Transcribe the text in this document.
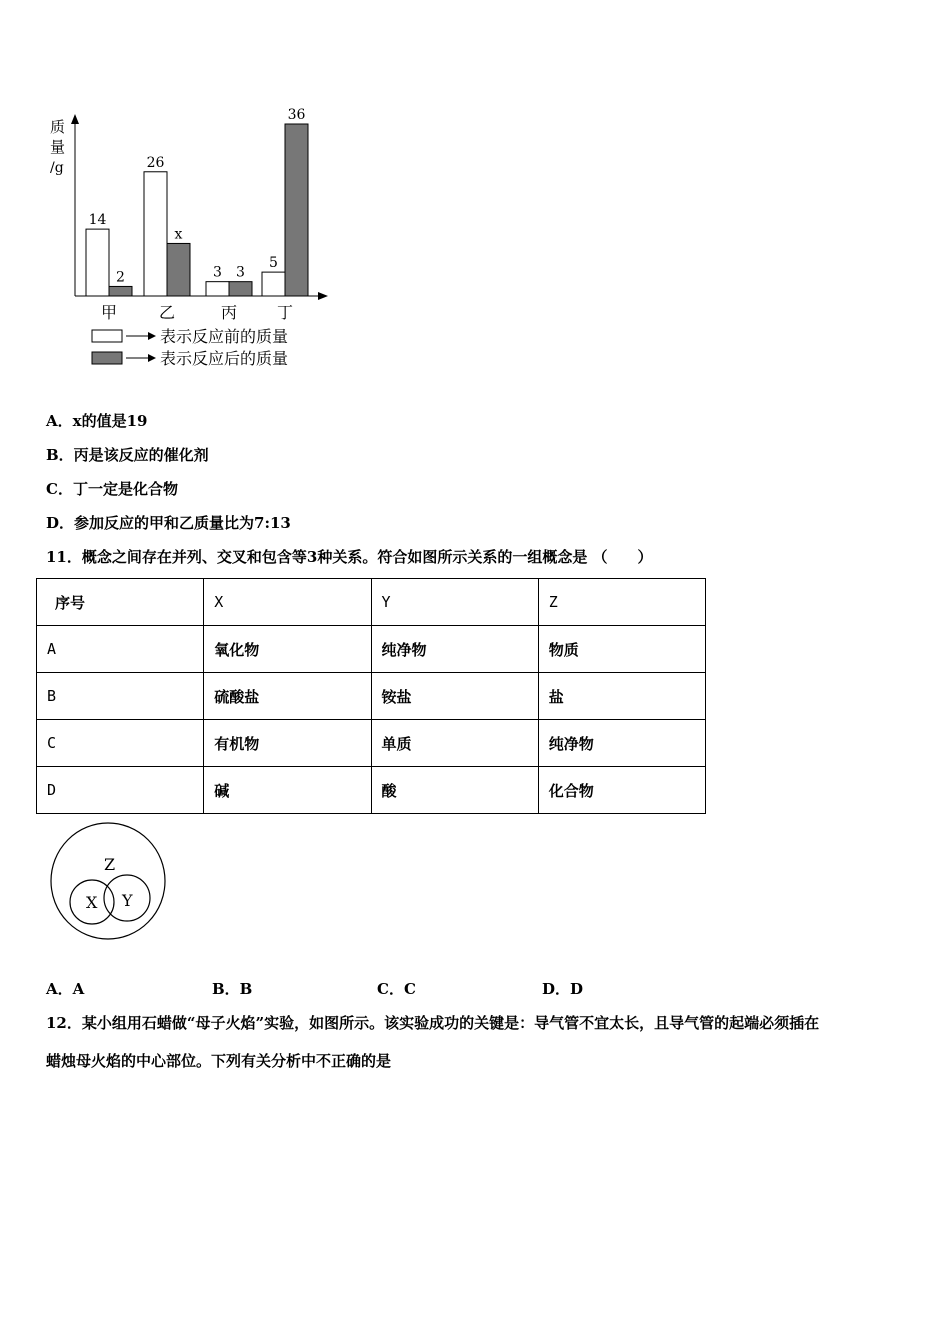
质
量
/g
14
2
甲
26
x
乙
3 3
丙
5
36
丁
表示反应前的质量
表示反应后的质量
A．x的值是19
B．丙是该反应的催化剂
C．丁一定是化合物
D．参加反应的甲和乙质量比为7:13
11．概念之间存在并列、交叉和包含等3种关系。符合如图所示关系的一组概念是 （　　）
序号	X	Y	Z
A	氧化物	纯净物	物质
B	硫酸盐	铵盐	盐
C	有机物	单质	纯净物
D	碱	酸	化合物
Z
X Y
A．A	B．B	C．C	D．D
12．某小组用石蜡做“母子火焰”实验，如图所示。该实验成功的关键是：导气管不宜太长，且导气管的起端必须插在
蜡烛母火焰的中心部位。下列有关分析中不正确的是
